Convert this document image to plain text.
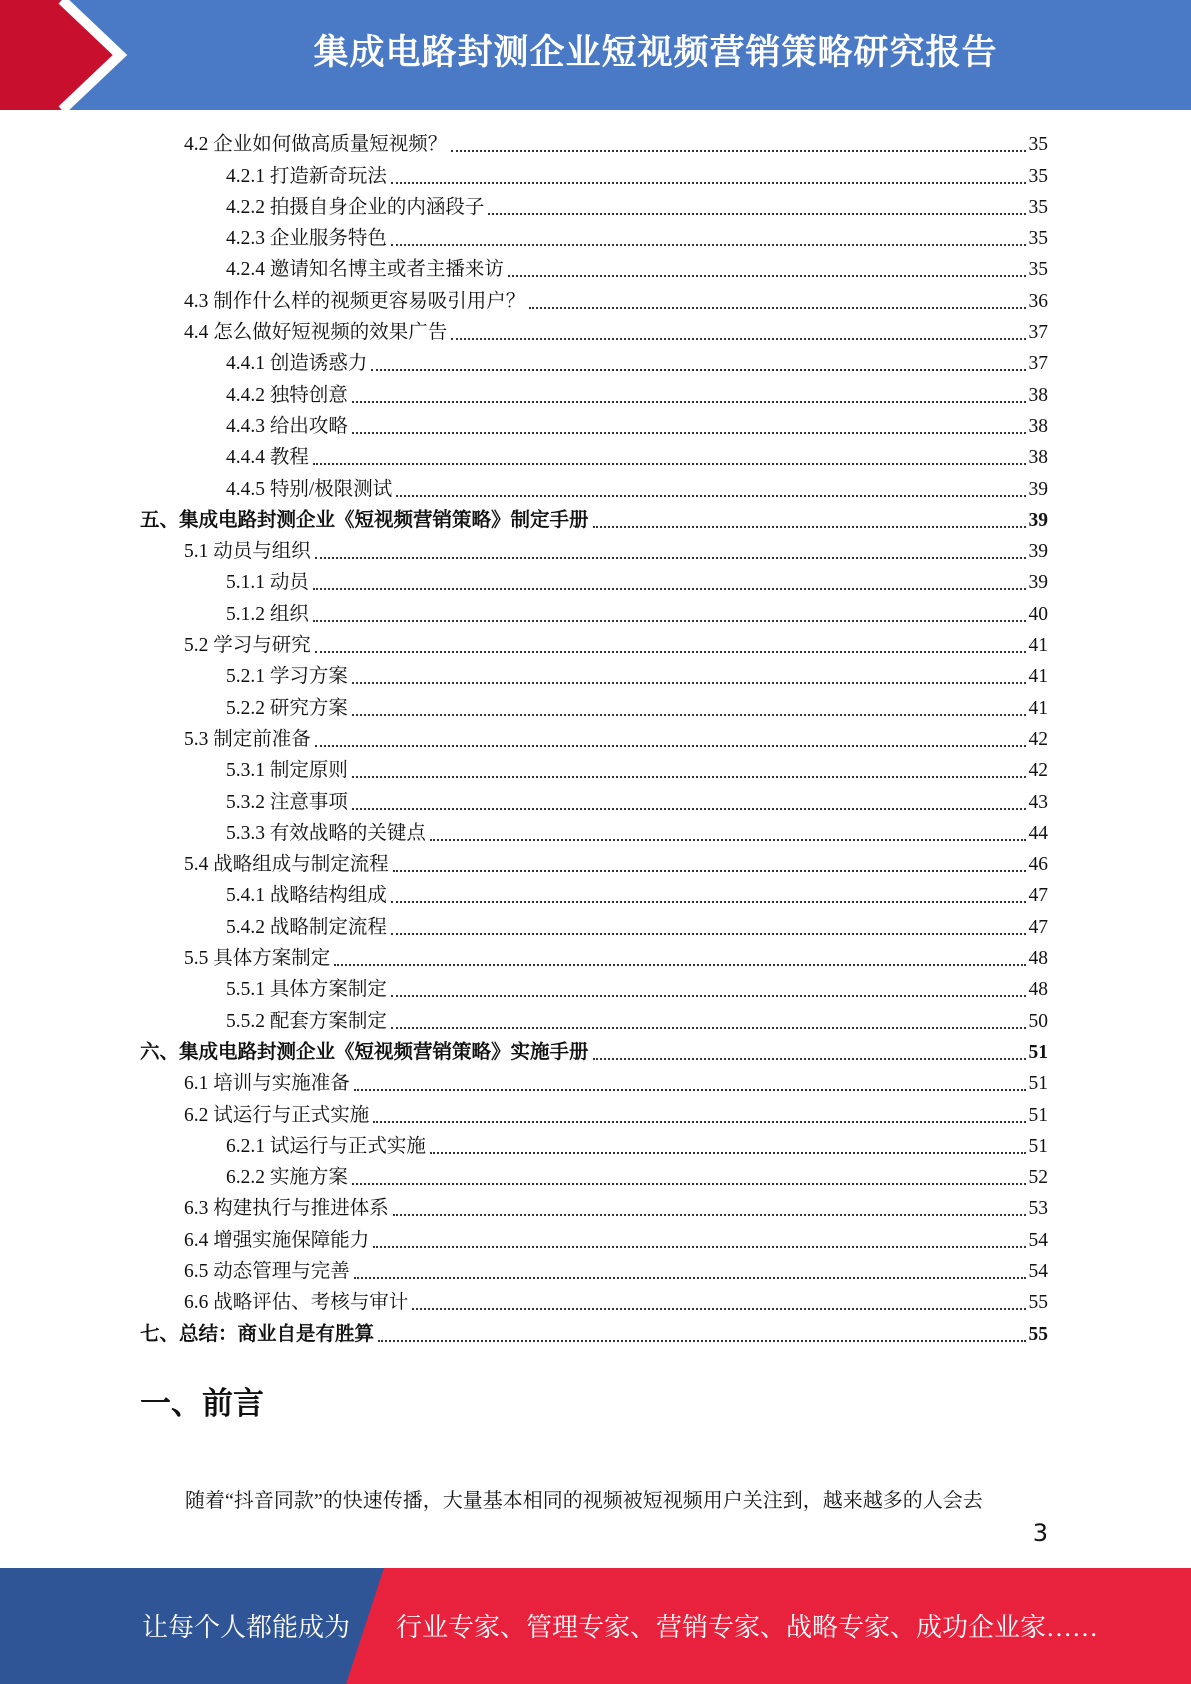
集成电路封测企业短视频营销策略研究报告
4.2 企业如何做高质量短视频？	35
4.2.1 打造新奇玩法	35
4.2.2 拍摄自身企业的内涵段子	35
4.2.3 企业服务特色	35
4.2.4 邀请知名博主或者主播来访	35
4.3 制作什么样的视频更容易吸引用户？	36
4.4 怎么做好短视频的效果广告	37
4.4.1 创造诱惑力	37
4.4.2 独特创意	38
4.4.3 给出攻略	38
4.4.4 教程	38
4.4.5 特别/极限测试	39
五、集成电路封测企业《短视频营销策略》制定手册	39
5.1 动员与组织	39
5.1.1 动员	39
5.1.2 组织	40
5.2 学习与研究	41
5.2.1 学习方案	41
5.2.2 研究方案	41
5.3 制定前准备	42
5.3.1 制定原则	42
5.3.2 注意事项	43
5.3.3 有效战略的关键点	44
5.4 战略组成与制定流程	46
5.4.1 战略结构组成	47
5.4.2 战略制定流程	47
5.5 具体方案制定	48
5.5.1 具体方案制定	48
5.5.2 配套方案制定	50
六、集成电路封测企业《短视频营销策略》实施手册	51
6.1 培训与实施准备	51
6.2 试运行与正式实施	51
6.2.1 试运行与正式实施	51
6.2.2 实施方案	52
6.3 构建执行与推进体系	53
6.4 增强实施保障能力	54
6.5 动态管理与完善	54
6.6 战略评估、考核与审计	55
七、总结：商业自是有胜算	55
一、前言

随着“抖音同款”的快速传播，大量基本相同的视频被短视频用户关注到，越来越多的人会去

3
让每个人都能成为 行业专家、管理专家、营销专家、战略专家、成功企业家……
